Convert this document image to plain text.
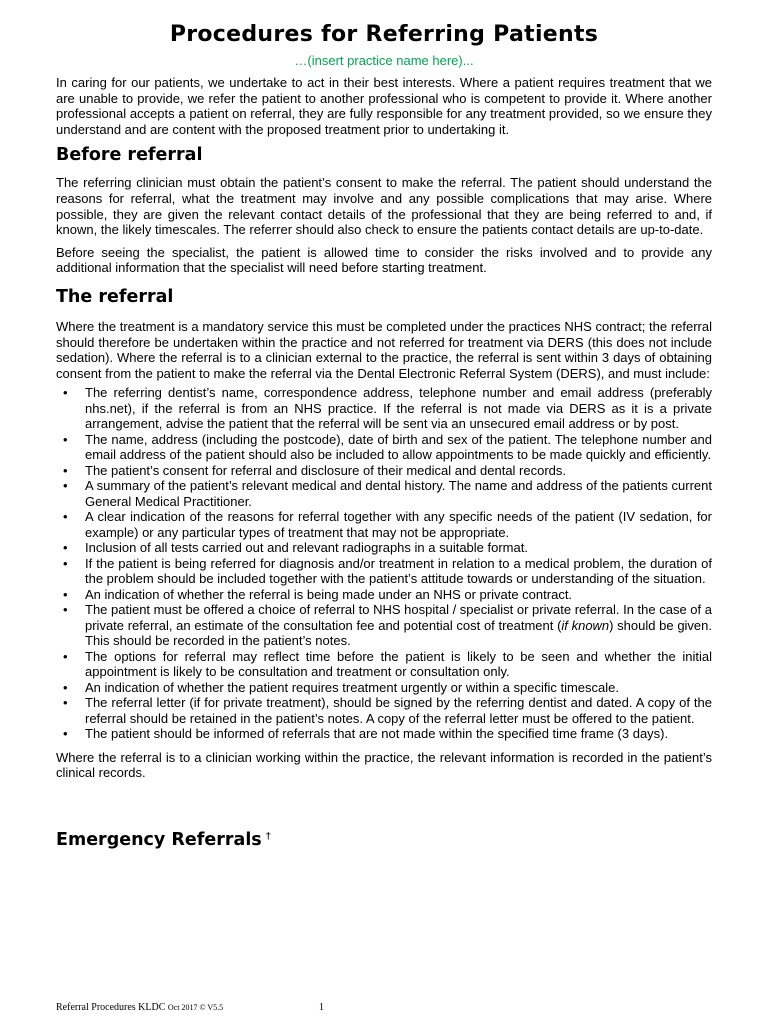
Procedures for Referring Patients
…(insert practice name here)...

In caring for our patients, we undertake to act in their best interests. Where a patient requires treatment that we are unable to provide, we refer the patient to another professional who is competent to provide it. Where another professional accepts a patient on referral, they are fully responsible for any treatment provided, so we ensure they understand and are content with the proposed treatment prior to undertaking it.

Before referral

The referring clinician must obtain the patient’s consent to make the referral. The patient should understand the reasons for referral, what the treatment may involve and any possible complications that may arise. Where possible, they are given the relevant contact details of the professional that they are being referred to and, if known, the likely timescales. The referrer should also check to ensure the patients contact details are up-to-date.

Before seeing the specialist, the patient is allowed time to consider the risks involved and to provide any additional information that the specialist will need before starting treatment.

The referral

Where the treatment is a mandatory service this must be completed under the practices NHS contract; the referral should therefore be undertaken within the practice and not referred for treatment via DERS (this does not include sedation). Where the referral is to a clinician external to the practice, the referral is sent within 3 days of obtaining consent from the patient to make the referral via the Dental Electronic Referral System (DERS), and must include:

• The referring dentist’s name, correspondence address, telephone number and email address (preferably nhs.net), if the referral is from an NHS practice. If the referral is not made via DERS as it is a private arrangement, advise the patient that the referral will be sent via an unsecured email address or by post.
• The name, address (including the postcode), date of birth and sex of the patient. The telephone number and email address of the patient should also be included to allow appointments to be made quickly and efficiently.
• The patient’s consent for referral and disclosure of their medical and dental records.
• A summary of the patient’s relevant medical and dental history. The name and address of the patients current General Medical Practitioner.
• A clear indication of the reasons for referral together with any specific needs of the patient (IV sedation, for example) or any particular types of treatment that may not be appropriate.
• Inclusion of all tests carried out and relevant radiographs in a suitable format.
• If the patient is being referred for diagnosis and/or treatment in relation to a medical problem, the duration of the problem should be included together with the patient’s attitude towards or understanding of the situation.
• An indication of whether the referral is being made under an NHS or private contract.
• The patient must be offered a choice of referral to NHS hospital / specialist or private referral. In the case of a private referral, an estimate of the consultation fee and potential cost of treatment (if known) should be given. This should be recorded in the patient’s notes.
• The options for referral may reflect time before the patient is likely to be seen and whether the initial appointment is likely to be consultation and treatment or consultation only.
• An indication of whether the patient requires treatment urgently or within a specific timescale.
• The referral letter (if for private treatment), should be signed by the referring dentist and dated. A copy of the referral should be retained in the patient’s notes. A copy of the referral letter must be offered to the patient.
• The patient should be informed of referrals that are not made within the specified time frame (3 days).

Where the referral is to a clinician working within the practice, the relevant information is recorded in the patient’s clinical records.

Emergency Referrals †
Referral Procedures KLDC Oct 2017 © V5.5	1
